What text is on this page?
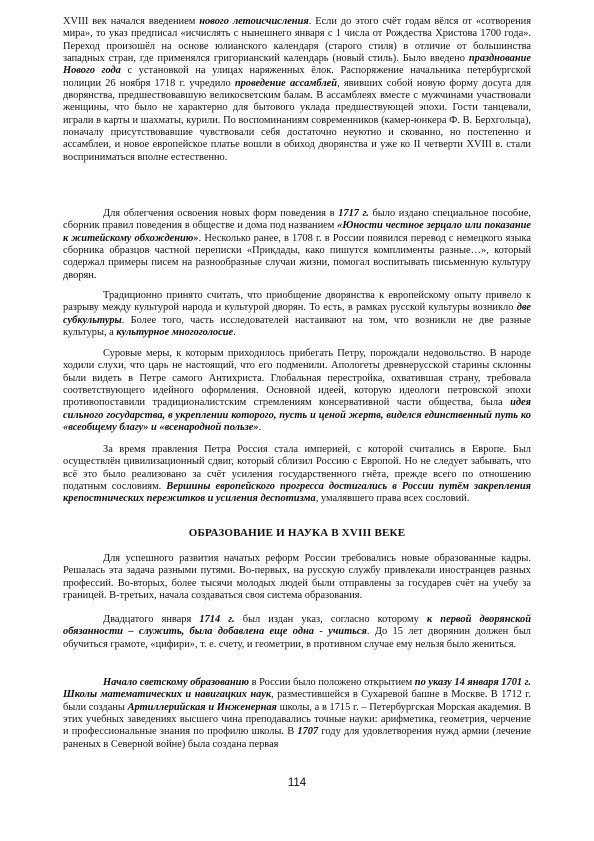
ХVIII век начался введением нового летоисчисления. Если до этого счёт годам вёлся от «сотворения мира», то указ предписал «исчислять с нынешнего января с 1 числа от Рождества Христова 1700 года». Переход произошёл на основе юлианского календаря (старого стиля) в отличие от большинства западных стран, где применялся григорианский календарь (новый стиль). Было введено празднование Нового года с установкой на улицах наряженных ёлок. Распоряжение начальника петербургской полиции 26 ноября 1718 г. учредило проведение ассамблей, явивших собой новую форму досуга для дворянства, предшествовавшую великосветским балам. В ассамблеях вместе с мужчинами участвовали женщины, что было не характерно для бытового уклада предшествующей эпохи. Гости танцевали, играли в карты и шахматы, курили. По воспоминаниям современников (камер-юнкера Ф. В. Берхгольца), поначалу присутствовавшие чувствовали себя достаточно неуютно и скованно, но постепенно и ассамблеи, и новое европейское платье вошли в обиход дворянства и уже ко II четверти XVIII в. стали восприниматься вполне естественно.

Для облегчения освоения новых форм поведения в 1717 г. было издано специальное пособие, сборник правил поведения в обществе и дома под названием «Юности честное зерцало или показание к житейскому обхождению». Несколько ранее, в 1708 г. в России появился перевод с немецкого языка сборника образцов частной переписки «Прикдады, како пишутся комплименты разные…», который содержал примеры писем на разнообразные случаи жизни, помогал воспитывать письменную культуру дворян.

Традиционно принято считать, что приобщение дворянства к европейскому опыту привело к разрыву между культурой народа и культурой дворян. То есть, в рамках русской культуры возникло две субкультуры. Более того, часть исследователей настаивают на том, что возникли не две разные культуры, а культурное многоголосие.

Суровые меры, к которым приходилось прибегать Петру, порождали недовольство. В народе ходили слухи, что царь не настоящий, что его подменили. Апологеты древнерусской старины склонны были видеть в Петре самого Антихриста. Глобальная перестройка, охватившая страну, требовала соответствующего идейного оформления. Основной идеей, которую идеологи петровской эпохи противопоставили традиционалистским стремлениям консервативной части общества, была идея сильного государства, в укреплении которого, пусть и ценой жертв, виделся единственный путь ко «всеобщему благу» и «всенародной пользе».

За время правления Петра Россия стала империей, с которой считались в Европе. Был осуществлён цивилизационный сдвиг, который сблизил Россию с Европой. Но не следует забывать, что всё это было реализовано за счёт усиления государственного гнёта, прежде всего по отношению податным сословиям. Вершины европейского прогресса достигались в России путём закрепления крепостнических пережитков и усиления деспотизма, умалявшего права всех сословий.

ОБРАЗОВАНИЕ И НАУКА В XVIII ВЕКЕ

Для успешного развития начатых реформ России требовались новые образованные кадры. Решалась эта задача разными путями. Во-первых, на русскую службу привлекали иностранцев разных профессий. Во-вторых, более тысячи молодых людей были отправлены за государев счёт на учебу за границей. В-третьих, начала создаваться своя система образования.

Двадцатого января 1714 г. был издан указ, согласно которому к первой дворянской обязанности – служить, была добавлена еще одна - учиться. До 15 лет дворянин должен был обучиться грамоте, «цифири», т. е. счету, и геометрии, в противном случае ему нельзя было жениться.

Начало светскому образованию в России было положено открытием по указу 14 января 1701 г. Школы математических и навигацких наук, разместившейся в Сухаревой башне в Москве. В 1712 г. были созданы Артиллерийская и Инженерная школы, а в 1715 г. – Петербургская Морская академия. В этих учебных заведениях высшего чина преподавались точные науки: арифметика, геометрия, черчение и профессиональные знания по профилю школы. В 1707 году для удовлетворения нужд армии (лечение раненых в Северной войне) была создана первая

114
